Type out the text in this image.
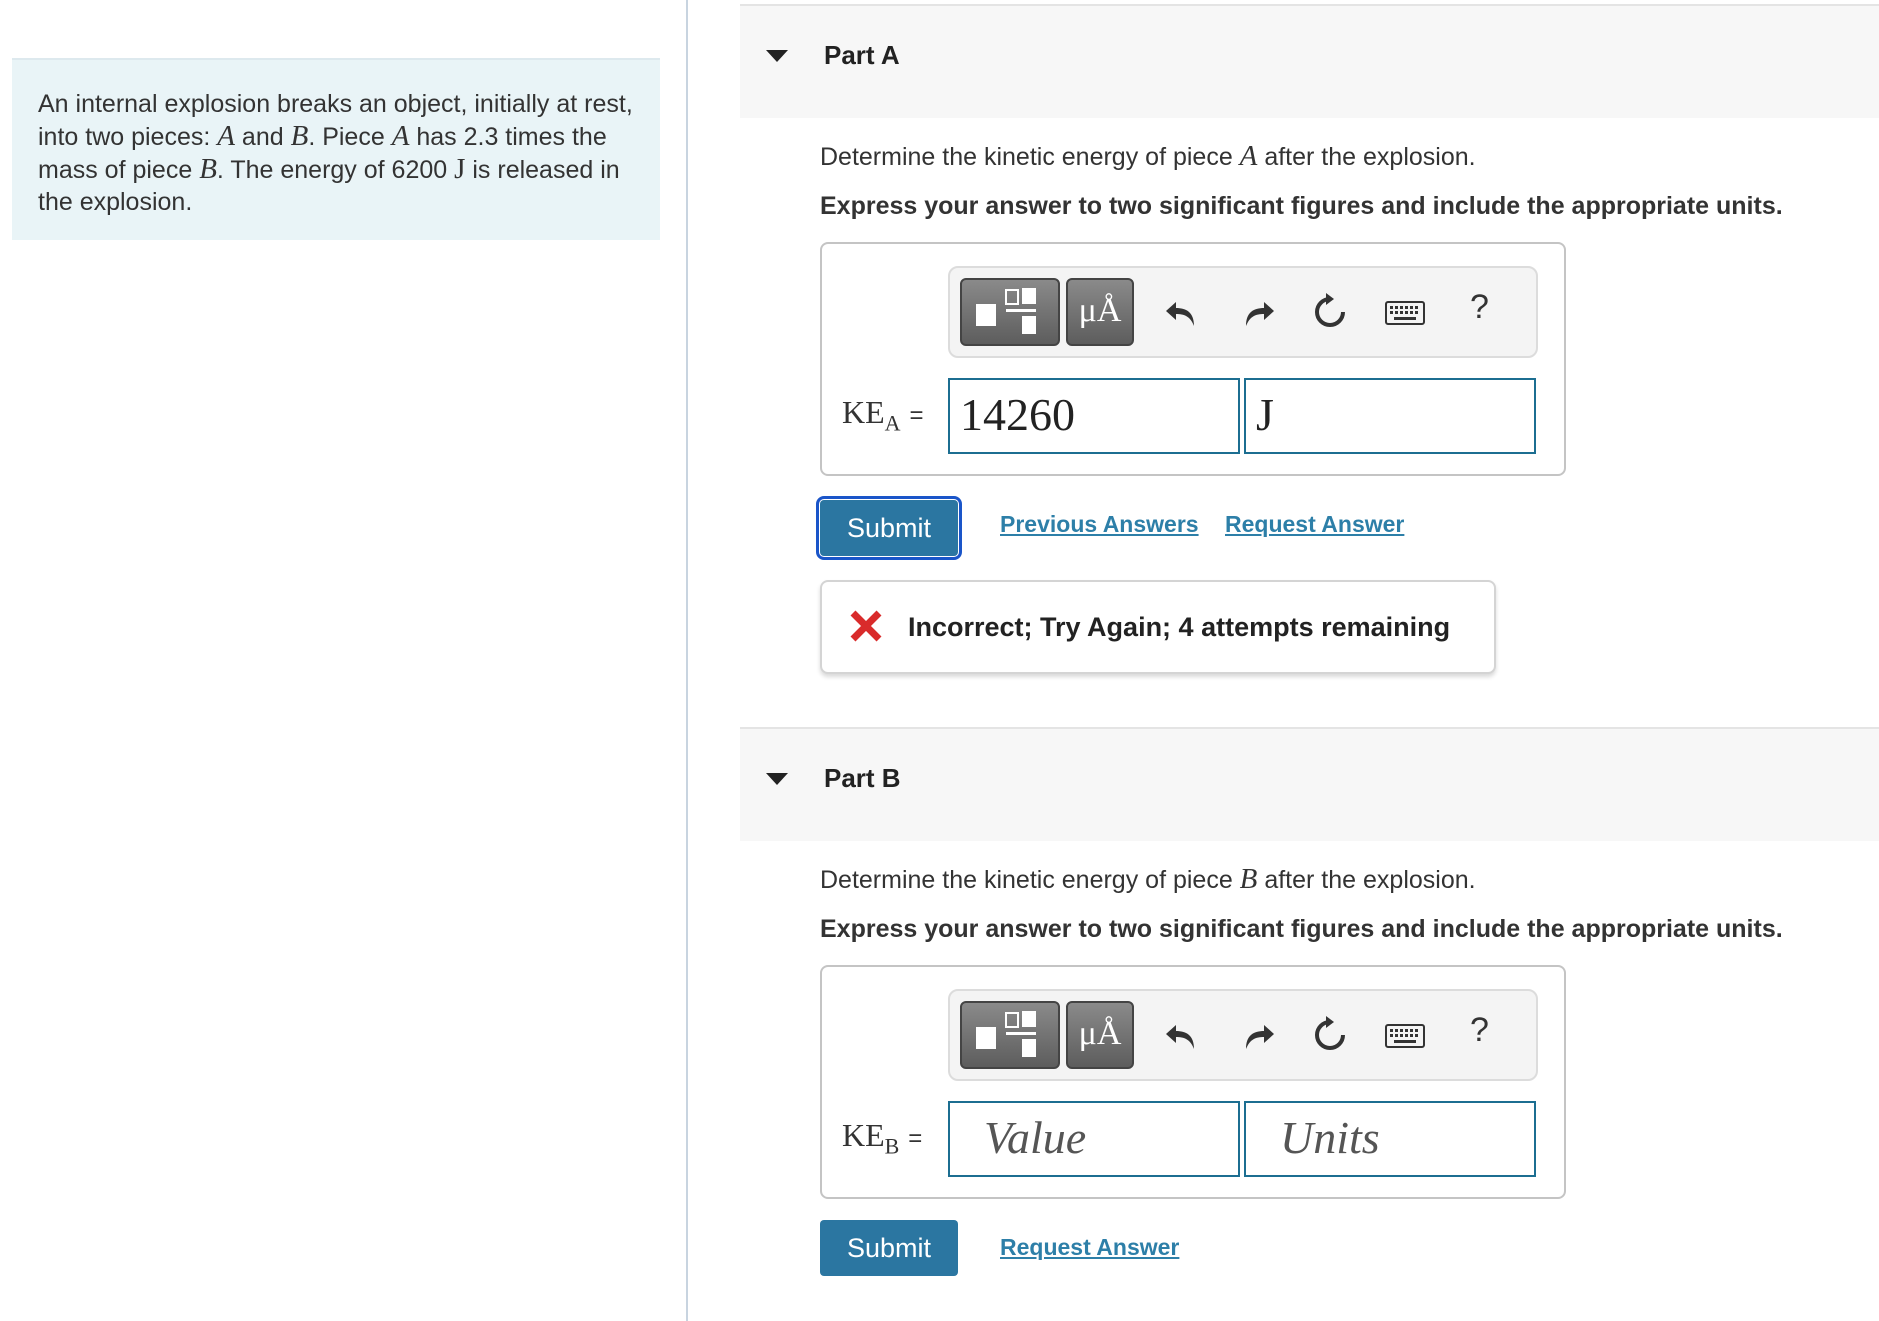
An internal explosion breaks an object, initially at rest, into two pieces: A and B. Piece A has 2.3 times the mass of piece B. The energy of 6200 J is released in the explosion.
Part A
Determine the kinetic energy of piece A after the explosion.
Express your answer to two significant figures and include the appropriate units.
μÅ	?
$KE_A = 14260$	J
Submit	Previous Answers Request Answer
Incorrect; Try Again; 4 attempts remaining
Part B
Determine the kinetic energy of piece B after the explosion.
Express your answer to two significant figures and include the appropriate units.
μÅ	?
$KE_B$ =	Value	Units
Submit	Request Answer
